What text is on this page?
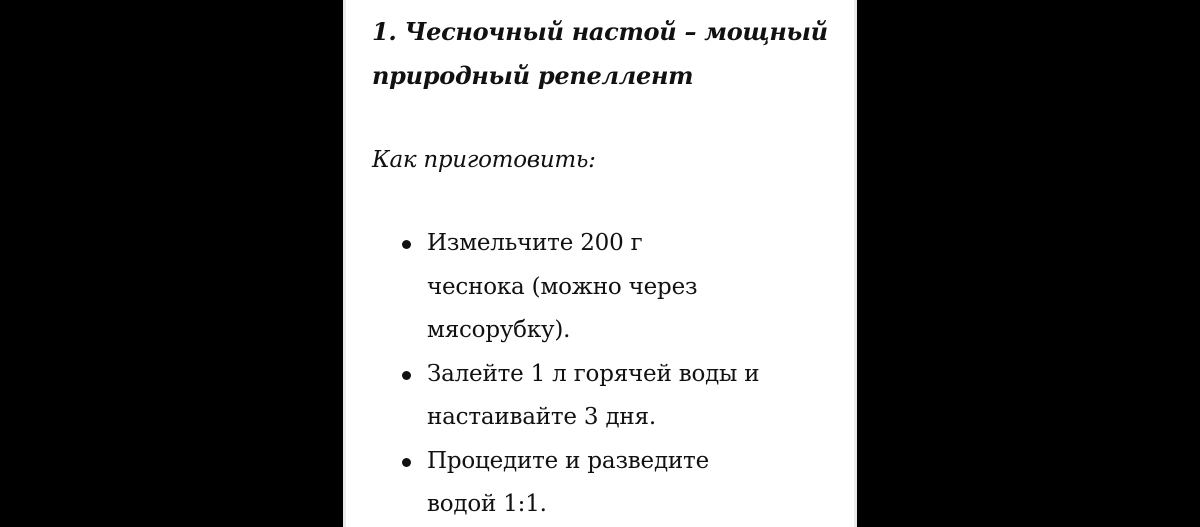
1. Чесночный настой – мощный природный репеллент

Как приготовить:

Измельчите 200 г
чеснока (можно через
мясорубку).
Залейте 1 л горячей воды и
настаивайте 3 дня.
Процедите и разведите
водой 1:1.
